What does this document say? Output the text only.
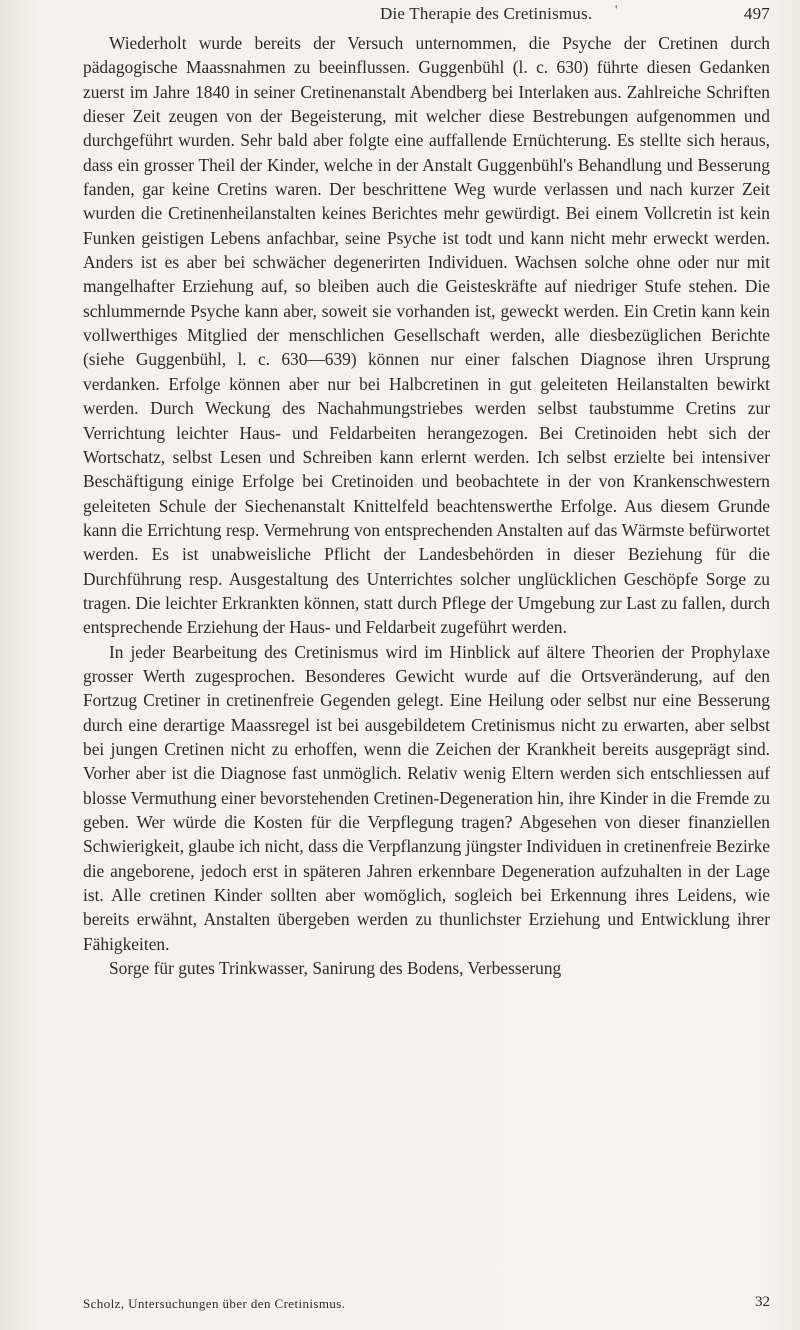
Die Therapie des Cretinismus. '	497

Wiederholt wurde bereits der Versuch unternommen, die Psyche der Cretinen durch pädagogische Maassnahmen zu beeinflussen. Guggenbühl (l. c. 630) führte diesen Gedanken zuerst im Jahre 1840 in seiner Cretinenanstalt Abendberg bei Interlaken aus. Zahlreiche Schriften dieser Zeit zeugen von der Begeisterung, mit welcher diese Bestrebungen aufgenommen und durchgeführt wurden. Sehr bald aber folgte eine auffallende Ernüchterung. Es stellte sich heraus, dass ein grosser Theil der Kinder, welche in der Anstalt Guggenbühl's Behandlung und Besserung fanden, gar keine Cretins waren. Der beschrittene Weg wurde verlassen und nach kurzer Zeit wurden die Cretinenheilanstalten keines Berichtes mehr gewürdigt. Bei einem Vollcretin ist kein Funken geistigen Lebens anfachbar, seine Psyche ist todt und kann nicht mehr erweckt werden. Anders ist es aber bei schwächer degenerirten Individuen. Wachsen solche ohne oder nur mit mangelhafter Erziehung auf, so bleiben auch die Geisteskräfte auf niedriger Stufe stehen. Die schlummernde Psyche kann aber, soweit sie vorhanden ist, geweckt werden. Ein Cretin kann kein vollwerthiges Mitglied der menschlichen Gesellschaft werden, alle diesbezüglichen Berichte (siehe Guggenbühl, l. c. 630—639) können nur einer falschen Diagnose ihren Ursprung verdanken. Erfolge können aber nur bei Halbcretinen in gut geleiteten Heilanstalten bewirkt werden. Durch Weckung des Nachahmungstriebes werden selbst taubstumme Cretins zur Verrichtung leichter Haus- und Feldarbeiten herangezogen. Bei Cretinoiden hebt sich der Wortschatz, selbst Lesen und Schreiben kann erlernt werden. Ich selbst erzielte bei intensiver Beschäftigung einige Erfolge bei Cretinoiden und beobachtete in der von Krankenschwestern geleiteten Schule der Siechenanstalt Knittelfeld beachtenswerthe Erfolge. Aus diesem Grunde kann die Errichtung resp. Vermehrung von entsprechenden Anstalten auf das Wärmste befürwortet werden. Es ist unabweisliche Pflicht der Landesbehörden in dieser Beziehung für die Durchführung resp. Ausgestaltung des Unterrichtes solcher unglücklichen Geschöpfe Sorge zu tragen. Die leichter Erkrankten können, statt durch Pflege der Umgebung zur Last zu fallen, durch entsprechende Erziehung der Haus- und Feldarbeit zugeführt werden.

In jeder Bearbeitung des Cretinismus wird im Hinblick auf ältere Theorien der Prophylaxe grosser Werth zugesprochen. Besonderes Gewicht wurde auf die Ortsveränderung, auf den Fortzug Cretiner in cretinenfreie Gegenden gelegt. Eine Heilung oder selbst nur eine Besserung durch eine derartige Maassregel ist bei ausgebildetem Cretinismus nicht zu erwarten, aber selbst bei jungen Cretinen nicht zu erhoffen, wenn die Zeichen der Krankheit bereits ausgeprägt sind. Vorher aber ist die Diagnose fast unmöglich. Relativ wenig Eltern werden sich entschliessen auf blosse Vermuthung einer bevorstehenden Cretinen-Degeneration hin, ihre Kinder in die Fremde zu geben. Wer würde die Kosten für die Verpflegung tragen? Abgesehen von dieser finanziellen Schwierigkeit, glaube ich nicht, dass die Verpflanzung jüngster Individuen in cretinenfreie Bezirke die angeborene, jedoch erst in späteren Jahren erkennbare Degeneration aufzuhalten in der Lage ist. Alle cretinen Kinder sollten aber womöglich, sogleich bei Erkennung ihres Leidens, wie bereits erwähnt, Anstalten übergeben werden zu thunlichster Erziehung und Entwicklung ihrer Fähigkeiten.

Sorge für gutes Trinkwasser, Sanirung des Bodens, Verbesserung

Scholz, Untersuchungen über den Cretinismus.	32
